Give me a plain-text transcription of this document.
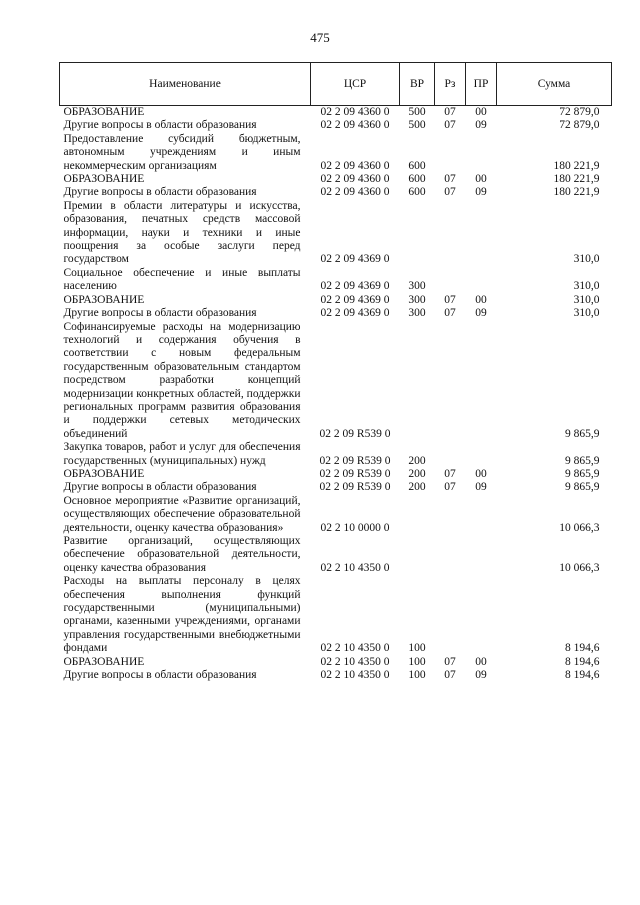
475
Наименование	ЦСР	ВР	Рз	ПР	Сумма
ОБРАЗОВАНИЕ	02 2 09 4360 0	500	07	00	72 879,0
Другие вопросы в области образования	02 2 09 4360 0	500	07	09	72 879,0
Предоставление субсидий бюджетным, автономным учреждениям и иным некоммерческим организациям	02 2 09 4360 0	600			180 221,9
ОБРАЗОВАНИЕ	02 2 09 4360 0	600	07	00	180 221,9
Другие вопросы в области образования	02 2 09 4360 0	600	07	09	180 221,9
Премии в области литературы и искусства, образования, печатных средств массовой информации, науки и техники и иные поощрения за особые заслуги перед государством	02 2 09 4369 0				310,0
Социальное обеспечение и иные выплаты населению	02 2 09 4369 0	300			310,0
ОБРАЗОВАНИЕ	02 2 09 4369 0	300	07	00	310,0
Другие вопросы в области образования	02 2 09 4369 0	300	07	09	310,0
Софинансируемые расходы на модернизацию технологий и содержания обучения в соответствии с новым федеральным государственным образовательным стандартом посредством разработки концепций модернизации конкретных областей, поддержки региональных программ развития образования и поддержки сетевых методических объединений	02 2 09 R539 0				9 865,9
Закупка товаров, работ и услуг для обеспечения государственных (муниципальных) нужд	02 2 09 R539 0	200			9 865,9
ОБРАЗОВАНИЕ	02 2 09 R539 0	200	07	00	9 865,9
Другие вопросы в области образования	02 2 09 R539 0	200	07	09	9 865,9
Основное мероприятие «Развитие организаций, осуществляющих обеспечение образовательной деятельности, оценку качества образования»	02 2 10 0000 0				10 066,3
Развитие организаций, осуществляющих обеспечение образовательной деятельности, оценку качества образования	02 2 10 4350 0				10 066,3
Расходы на выплаты персоналу в целях обеспечения выполнения функций государственными (муниципальными) органами, казенными учреждениями, органами управления государственными внебюджетными фондами	02 2 10 4350 0	100			8 194,6
ОБРАЗОВАНИЕ	02 2 10 4350 0	100	07	00	8 194,6
Другие вопросы в области образования	02 2 10 4350 0	100	07	09	8 194,6
